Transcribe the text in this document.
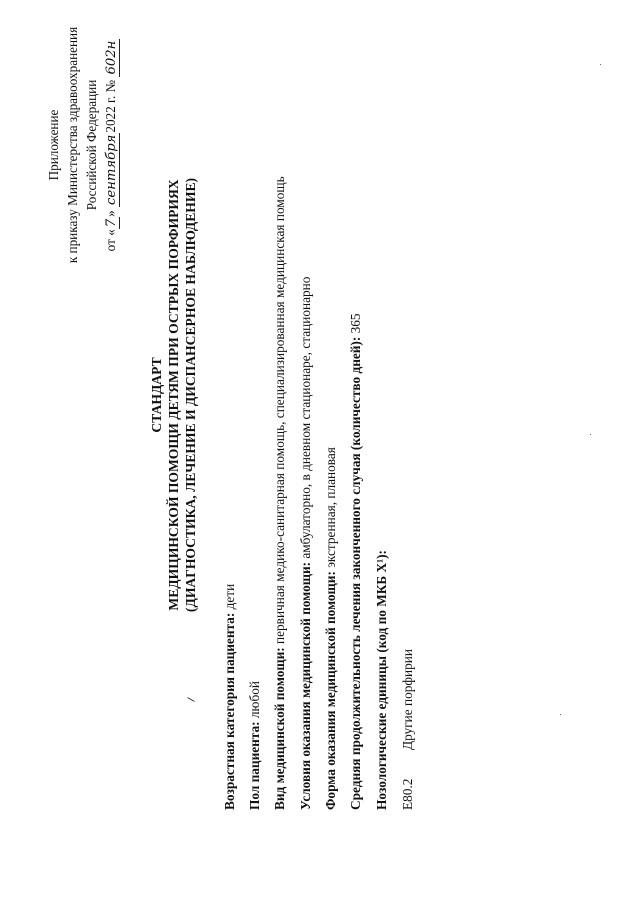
Приложение к приказу Министерства здравоохранения Российской Федерации
от «7» сентября2022 г. № 602н
СТАНДАРТ МЕДИЦИНСКОЙ ПОМОЩИ ДЕТЯМ ПРИ ОСТРЫХ ПОРФИРИЯХ (ДИАГНОСТИКА, ЛЕЧЕНИЕ И ДИСПАНСЕРНОЕ НАБЛЮДЕНИЕ)
Возрастная категория пациента: дети
Пол пациента: любой Вид медицинской помощи: первичная медико-санитарная помощь, специализированная медицинская помощь
Условия оказания медицинской помощи: амбулаторно, в дневном стационаре, стационарно
Форма оказания медицинской помощи: экстренная, плановая Средняя продолжительность лечения законченного случая (количество дней): 365
Нозологические единицы (код по МКБ X¹): E80.2
Другие порфирии
